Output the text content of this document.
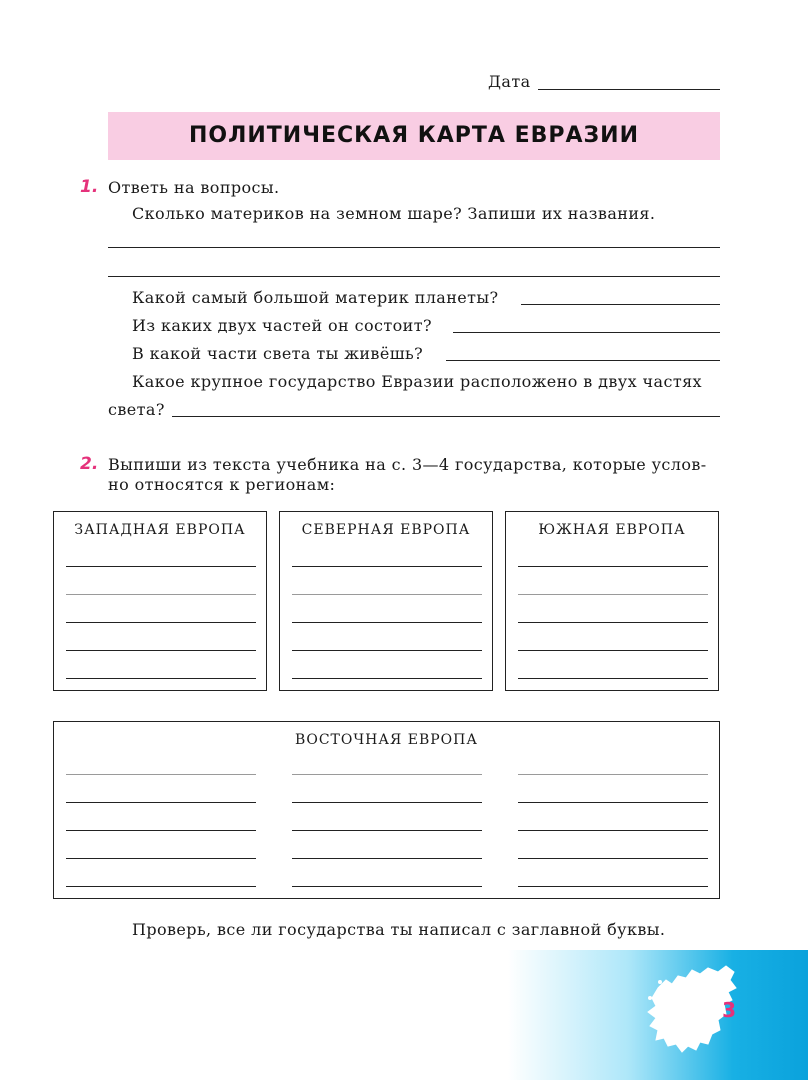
Дата
ПОЛИТИЧЕСКАЯ КАРТА ЕВРАЗИИ
1. Ответь на вопросы.
Сколько материков на земном шаре? Запиши их названия.
Какой самый большой материк планеты?
Из каких двух частей он состоит?
В какой части света ты живёшь?
Какое крупное государство Евразии расположено в двух частях
света?
2. Выпиши из текста учебника на с. 3—4 государства, которые услов-
но относятся к регионам:
ЗАПАДНАЯ ЕВРОПА	СЕВЕРНАЯ ЕВРОПА	ЮЖНАЯ ЕВРОПА
ВОСТОЧНАЯ ЕВРОПА
Проверь, все ли государства ты написал с заглавной буквы.
3
